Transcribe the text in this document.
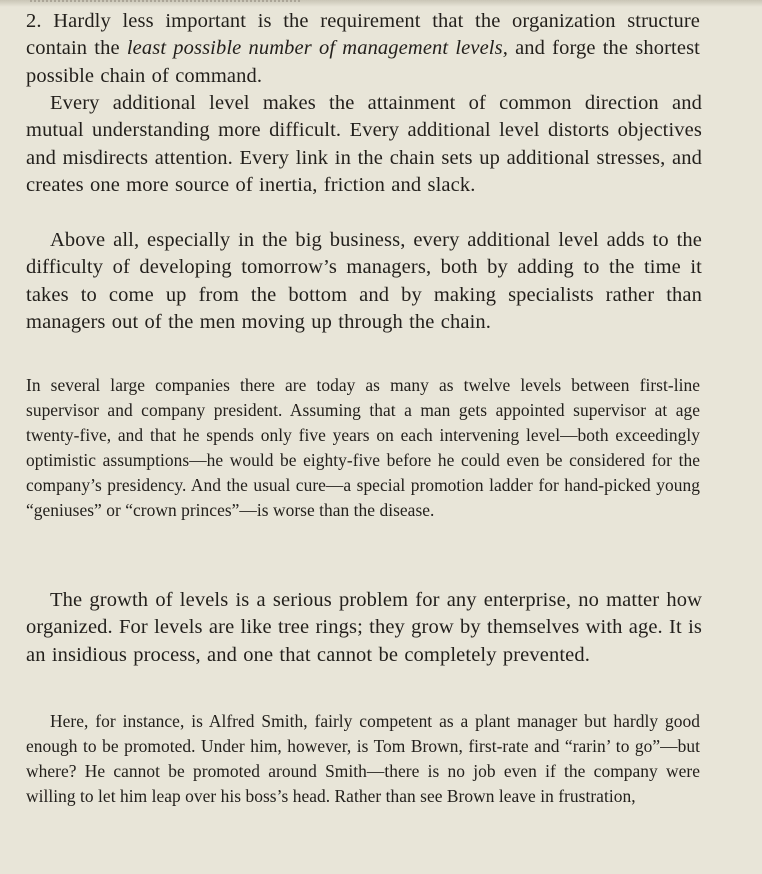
2. Hardly less important is the requirement that the organization structure contain the least possible number of management levels, and forge the shortest possible chain of command.

Every additional level makes the attainment of common direction and mutual understanding more difficult. Every additional level distorts objectives and misdirects attention. Every link in the chain sets up additional stresses, and creates one more source of inertia, friction and slack.

Above all, especially in the big business, every additional level adds to the difficulty of developing tomorrow’s managers, both by adding to the time it takes to come up from the bottom and by making specialists rather than managers out of the men moving up through the chain.

In several large companies there are today as many as twelve levels between first-line supervisor and company president. Assuming that a man gets appointed supervisor at age twenty-five, and that he spends only five years on each intervening level—both exceedingly optimistic assumptions—he would be eighty-five before he could even be considered for the company’s presidency. And the usual cure—a special promotion ladder for hand-picked young “geniuses” or “crown princes”—is worse than the disease.

The growth of levels is a serious problem for any enterprise, no matter how organized. For levels are like tree rings; they grow by themselves with age. It is an insidious process, and one that cannot be completely prevented.

Here, for instance, is Alfred Smith, fairly competent as a plant manager but hardly good enough to be promoted. Under him, however, is Tom Brown, first-rate and “rarin’ to go”—but where? He cannot be promoted around Smith—there is no job even if the company were willing to let him leap over his boss’s head. Rather than see Brown leave in frustration,
